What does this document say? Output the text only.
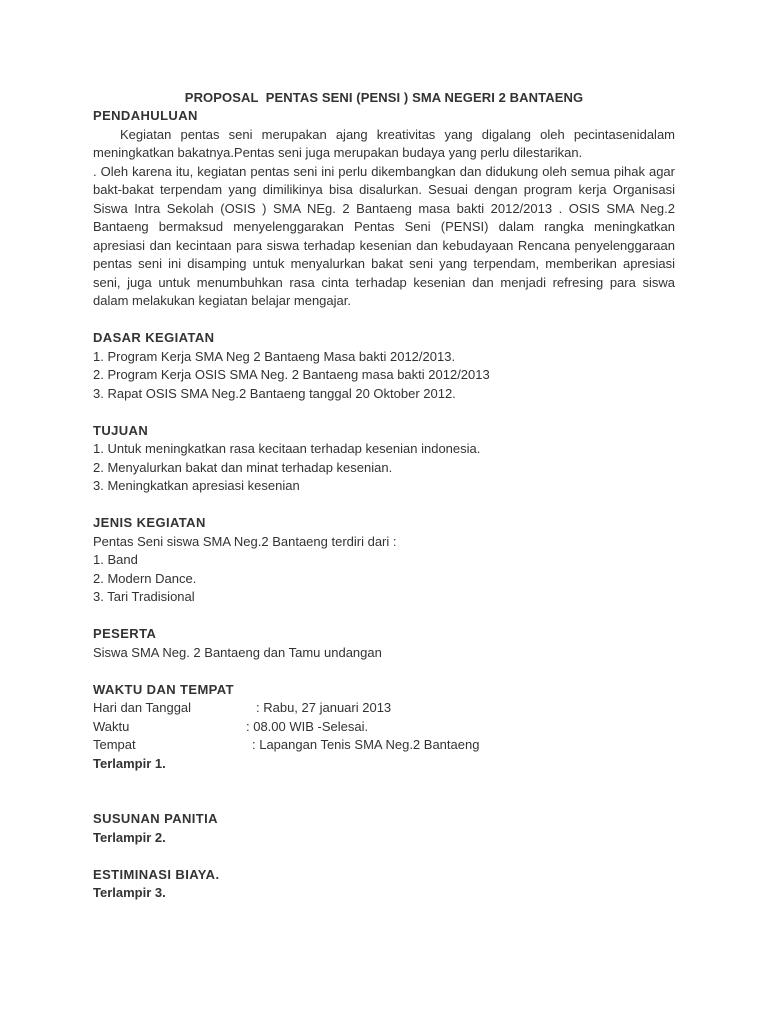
PROPOSAL  PENTAS SENI (PENSI ) SMA NEGERI 2 BANTAENG
PENDAHULUAN

Kegiatan pentas seni merupakan ajang kreativitas yang digalang oleh pecintasenidalam meningkatkan bakatnya.Pentas seni juga merupakan budaya yang perlu dilestarikan.

. Oleh karena itu, kegiatan pentas seni ini perlu dikembangkan dan didukung oleh semua pihak agar bakt-bakat terpendam yang dimilikinya bisa disalurkan. Sesuai dengan program kerja Organisasi Siswa Intra Sekolah (OSIS ) SMA NEg. 2 Bantaeng masa bakti 2012/2013 . OSIS SMA Neg.2 Bantaeng bermaksud menyelenggarakan Pentas Seni (PENSI) dalam rangka meningkatkan apresiasi dan kecintaan para siswa terhadap kesenian dan kebudayaan Rencana penyelenggaraan pentas seni ini disamping untuk menyalurkan bakat seni yang terpendam, memberikan apresiasi seni, juga untuk menumbuhkan rasa cinta terhadap kesenian dan menjadi refresing para siswa dalam melakukan kegiatan belajar mengajar.

DASAR KEGIATAN
1. Program Kerja SMA Neg 2 Bantaeng Masa bakti 2012/2013.
2. Program Kerja OSIS SMA Neg. 2 Bantaeng masa bakti 2012/2013
3. Rapat OSIS SMA Neg.2 Bantaeng tanggal 20 Oktober 2012.
TUJUAN
1. Untuk meningkatkan rasa kecitaan terhadap kesenian indonesia.
2. Menyalurkan bakat dan minat terhadap kesenian.
3. Meningkatkan apresiasi kesenian
JENIS KEGIATAN
Pentas Seni siswa SMA Neg.2 Bantaeng terdiri dari :
1. Band
2. Modern Dance.
3. Tari Tradisional
PESERTA
Siswa SMA Neg. 2 Bantaeng dan Tamu undangan
WAKTU DAN TEMPAT
Hari dan Tanggal	: Rabu, 27 januari 2013
Waktu	: 08.00 WIB -Selesai.
Tempat	: Lapangan Tenis SMA Neg.2 Bantaeng
Terlampir 1.
SUSUNAN PANITIA
Terlampir 2.
ESTIMINASI BIAYA.
Terlampir 3.
